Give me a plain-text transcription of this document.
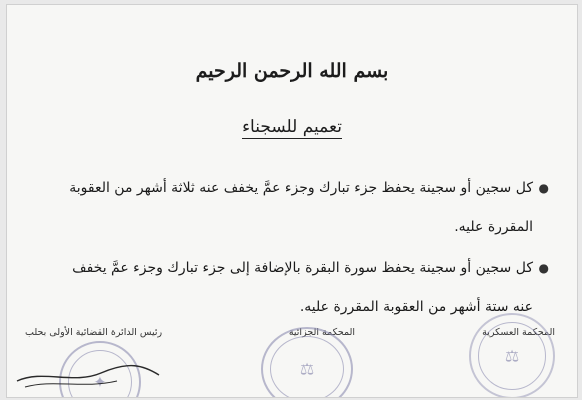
بسم الله الرحمن الرحيم
تعميم للسجناء
●
كل سجين أو سجينة يحفظ جزء تبارك وجزء عمَّ يخفف عنه ثلاثة أشهر من العقوبة المقررة عليه.
●
كل سجين أو سجينة يحفظ سورة البقرة بالإضافة إلى جزء تبارك وجزء عمَّ يخفف عنه ستة أشهر من العقوبة المقررة عليه.
المحكمة العسكرية
المحكمة الجزائية
رئيس الدائرة القضائية الأولى بحلب
⚖
⚖
✦
